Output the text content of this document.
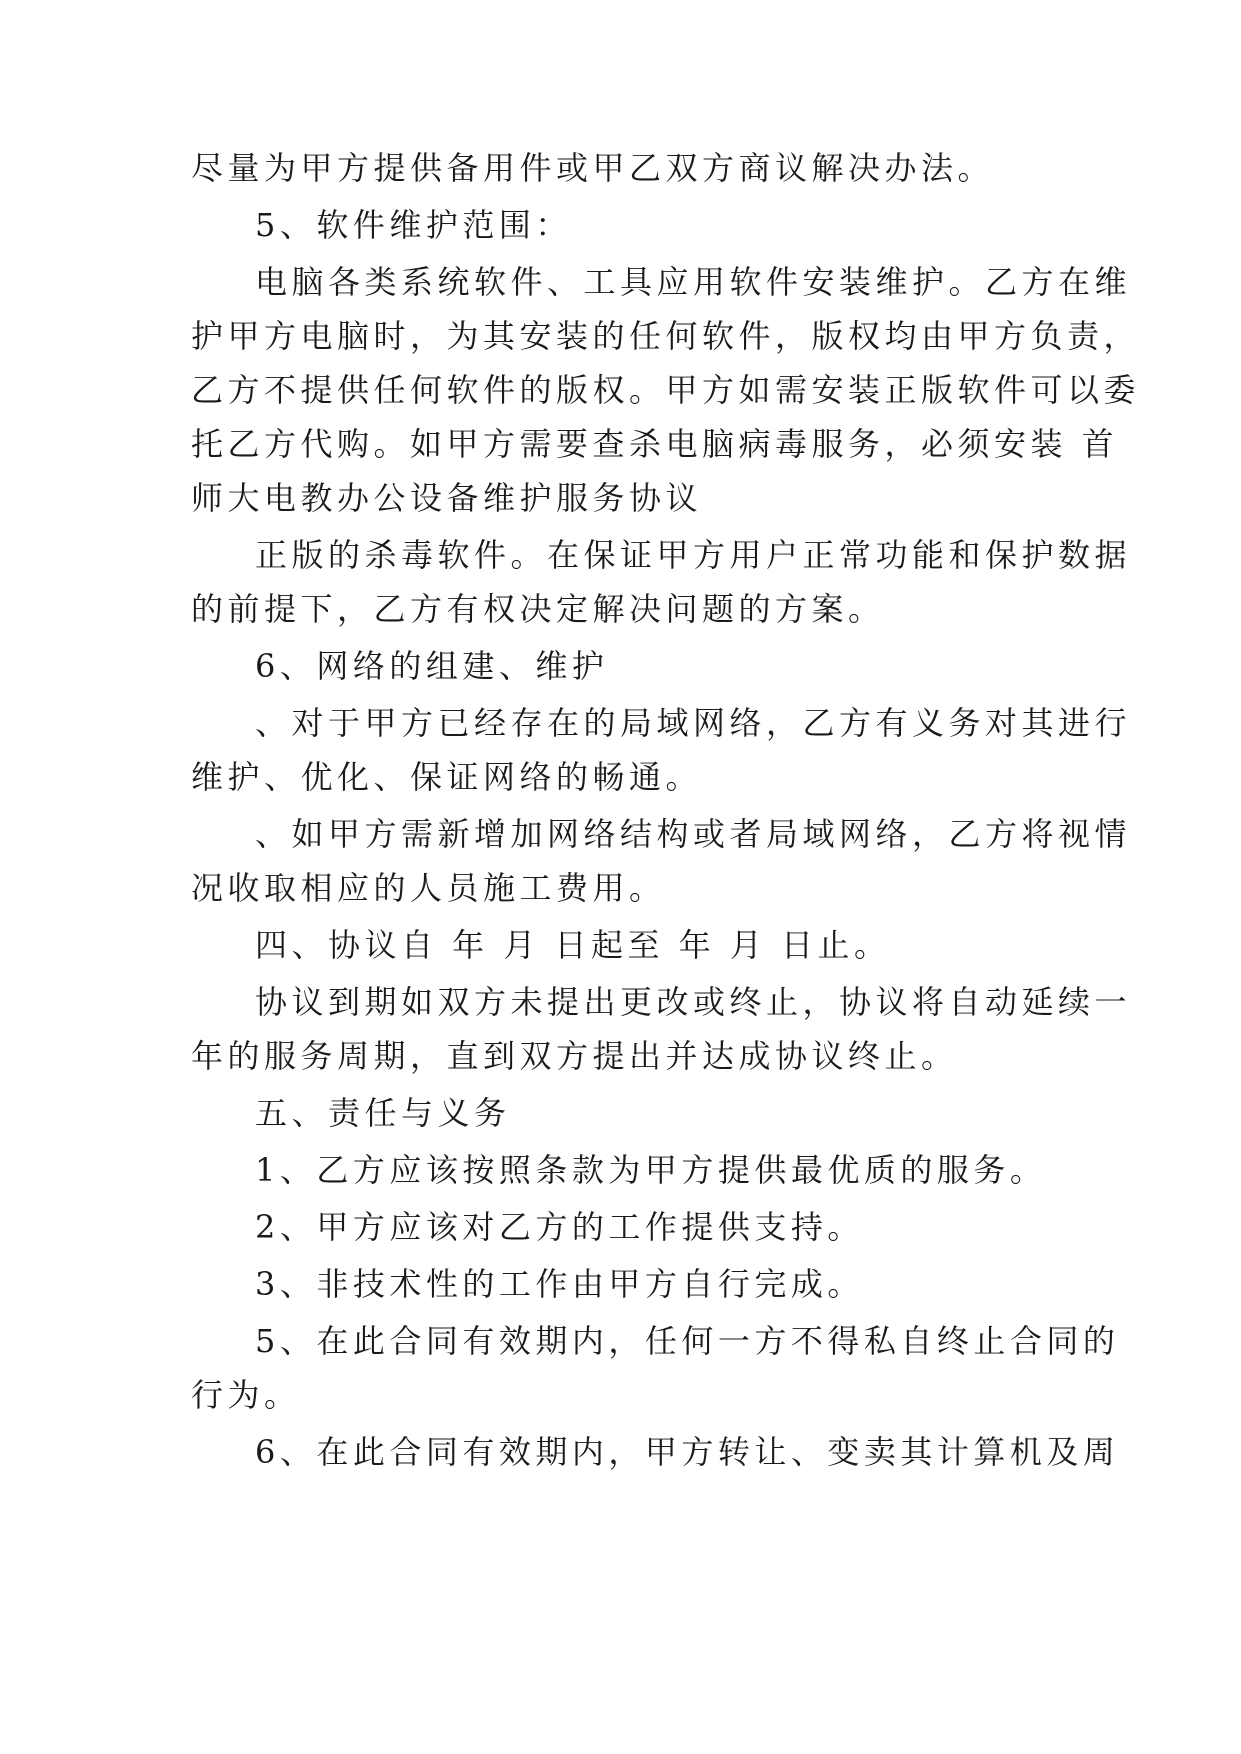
尽量为甲方提供备用件或甲乙双方商议解决办法。

5、软件维护范围：

电脑各类系统软件、工具应用软件安装维护。乙方在维

护甲方电脑时，为其安装的任何软件，版权均由甲方负责，

乙方不提供任何软件的版权。甲方如需安装正版软件可以委

托乙方代购。如甲方需要查杀电脑病毒服务，必须安装 首

师大电教办公设备维护服务协议

正版的杀毒软件。在保证甲方用户正常功能和保护数据

的前提下，乙方有权决定解决问题的方案。

6、网络的组建、维护

、对于甲方已经存在的局域网络，乙方有义务对其进行

维护、优化、保证网络的畅通。

、如甲方需新增加网络结构或者局域网络，乙方将视情

况收取相应的人员施工费用。

四、协议自 年 月 日起至 年 月 日止。

协议到期如双方未提出更改或终止，协议将自动延续一

年的服务周期，直到双方提出并达成协议终止。

五、责任与义务

1、乙方应该按照条款为甲方提供最优质的服务。

2、甲方应该对乙方的工作提供支持。

3、非技术性的工作由甲方自行完成。

5、在此合同有效期内，任何一方不得私自终止合同的

行为。

6、在此合同有效期内，甲方转让、变卖其计算机及周
